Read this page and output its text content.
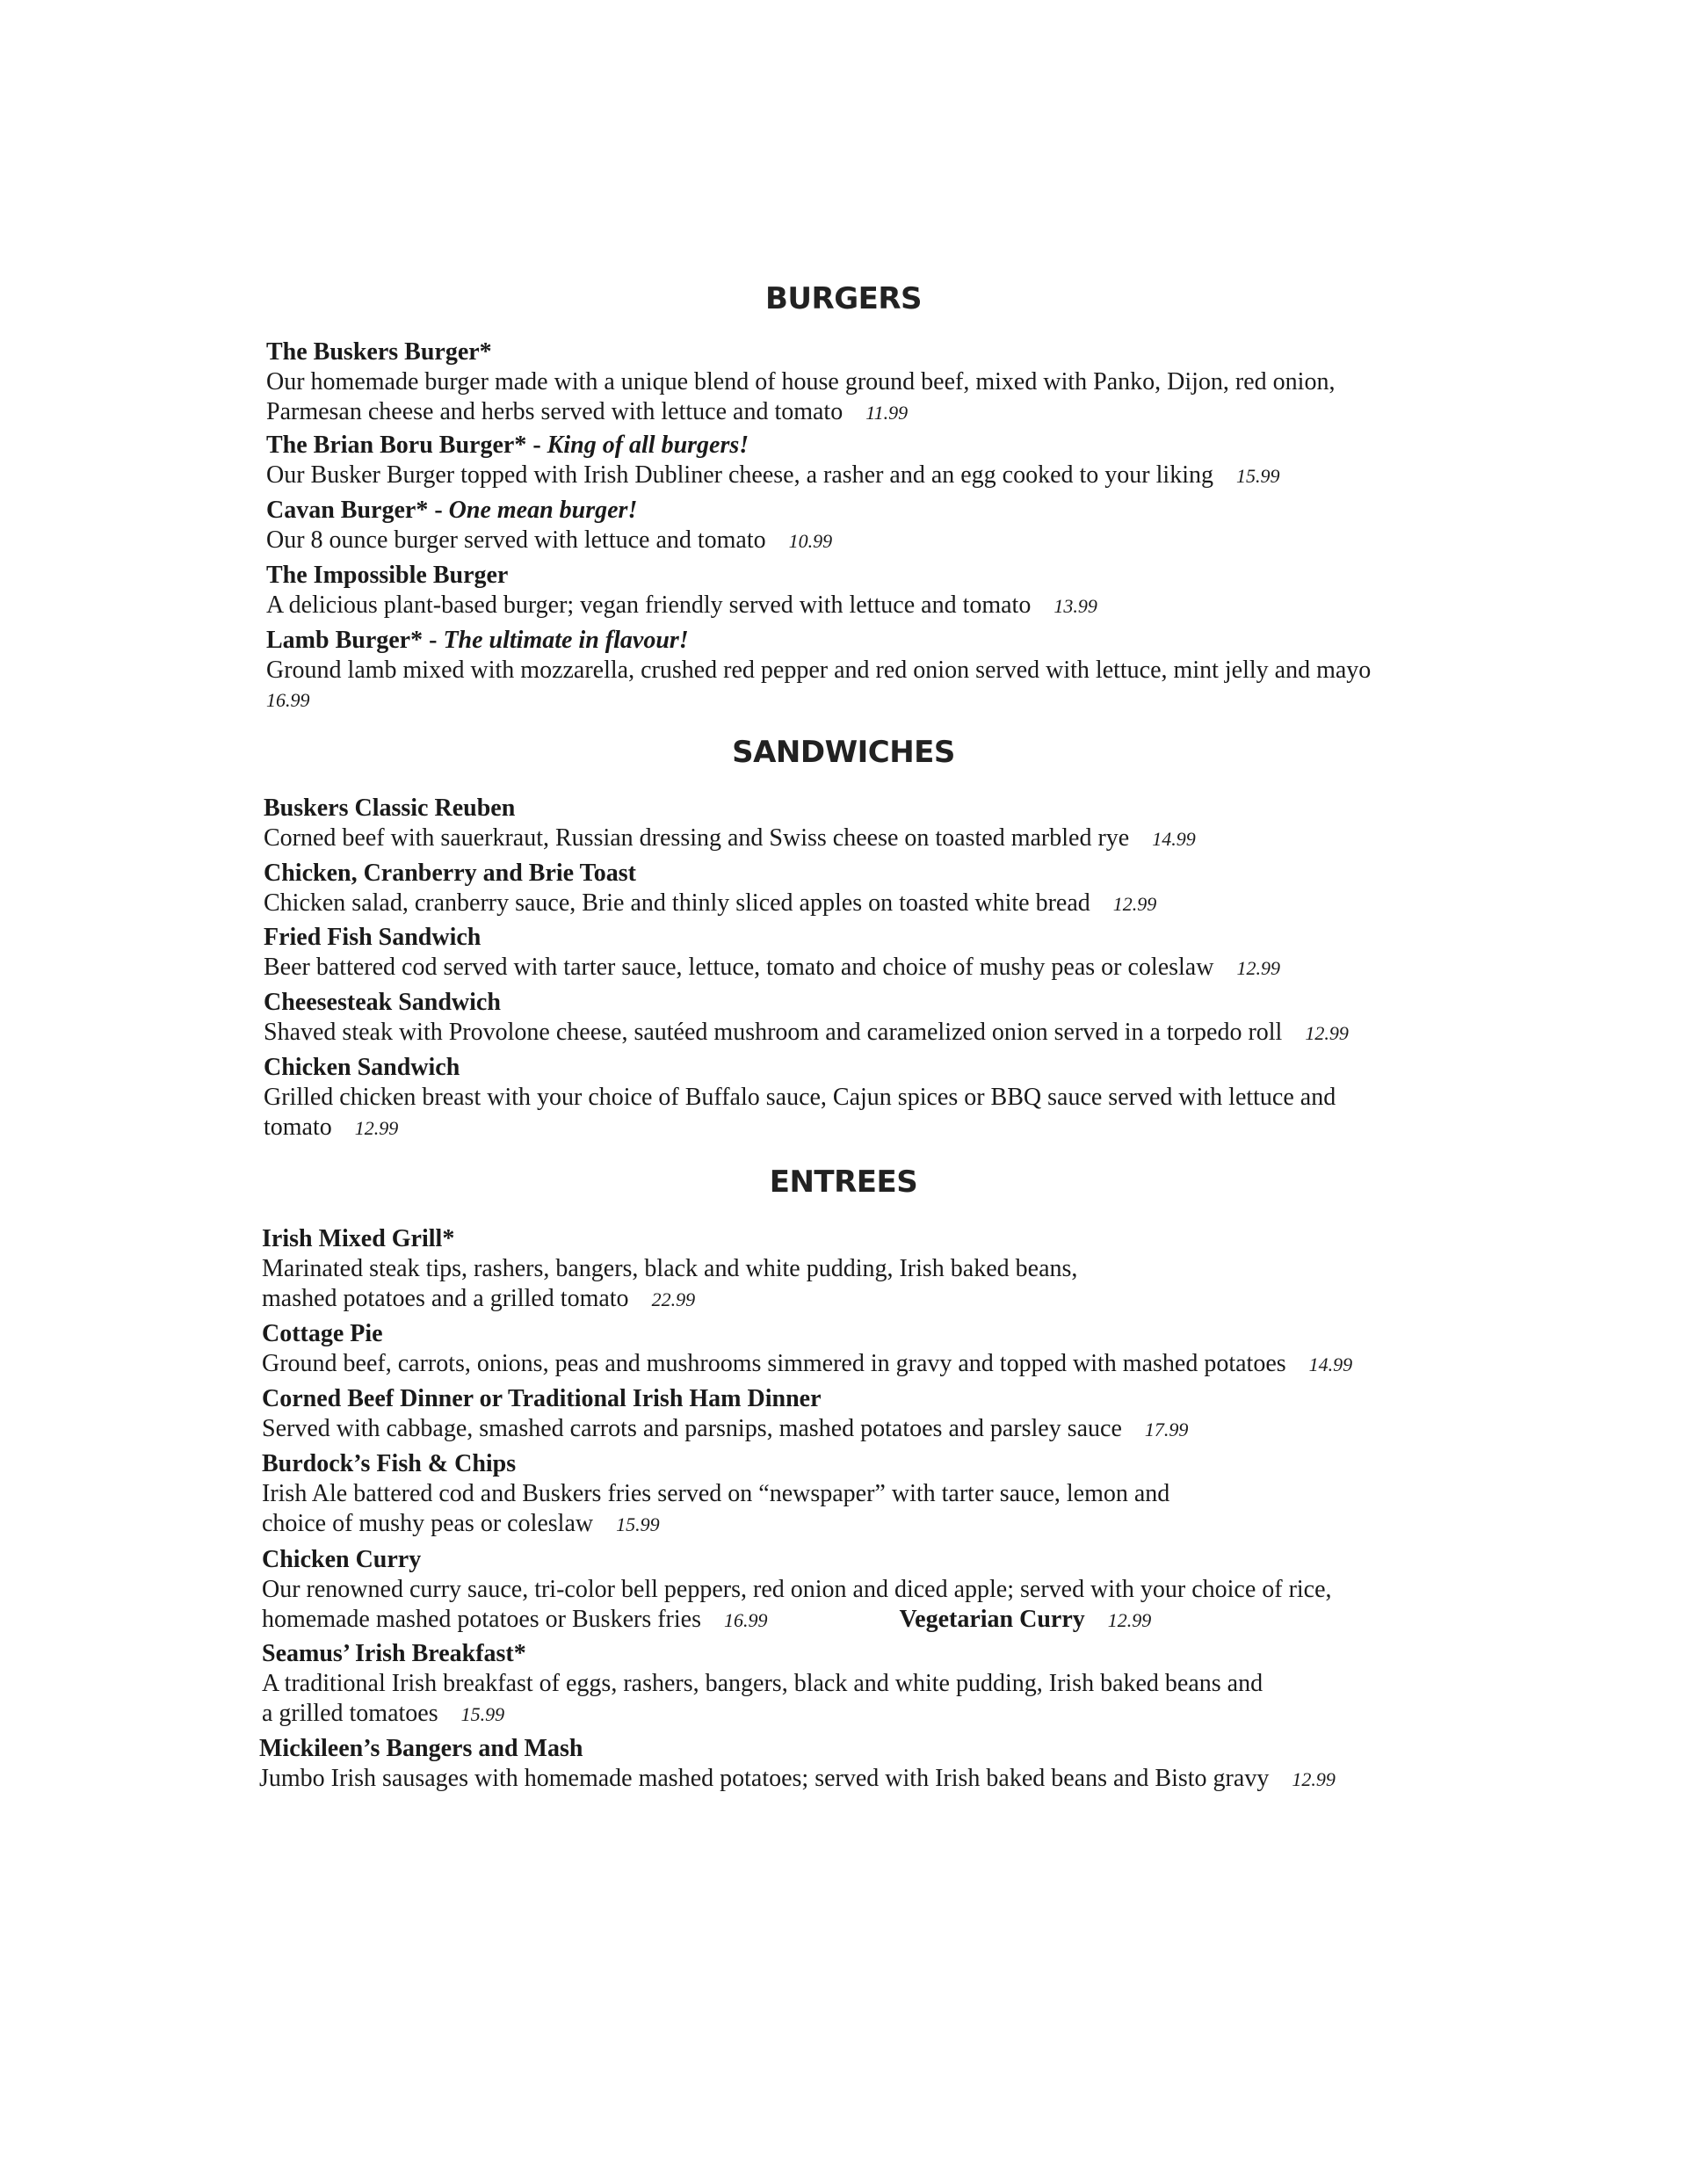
BURGERS
The Buskers Burger*
Our homemade burger made with a unique blend of house ground beef, mixed with Panko, Dijon, red onion,
Parmesan cheese and herbs served with lettuce and tomato 11.99
The Brian Boru Burger* - King of all burgers!
Our Busker Burger topped with Irish Dubliner cheese, a rasher and an egg cooked to your liking 15.99
Cavan Burger* - One mean burger!
Our 8 ounce burger served with lettuce and tomato 10.99
The Impossible Burger
A delicious plant-based burger; vegan friendly served with lettuce and tomato 13.99
Lamb Burger* - The ultimate in flavour!
Ground lamb mixed with mozzarella, crushed red pepper and red onion served with lettuce, mint jelly and mayo
16.99
SANDWICHES
Buskers Classic Reuben
Corned beef with sauerkraut, Russian dressing and Swiss cheese on toasted marbled rye 14.99
Chicken, Cranberry and Brie Toast
Chicken salad, cranberry sauce, Brie and thinly sliced apples on toasted white bread 12.99
Fried Fish Sandwich
Beer battered cod served with tarter sauce, lettuce, tomato and choice of mushy peas or coleslaw 12.99
Cheesesteak Sandwich
Shaved steak with Provolone cheese, sautéed mushroom and caramelized onion served in a torpedo roll 12.99
Chicken Sandwich
Grilled chicken breast with your choice of Buffalo sauce, Cajun spices or BBQ sauce served with lettuce and
tomato 12.99
ENTREES
Irish Mixed Grill*
Marinated steak tips, rashers, bangers, black and white pudding, Irish baked beans,
mashed potatoes and a grilled tomato 22.99
Cottage Pie
Ground beef, carrots, onions, peas and mushrooms simmered in gravy and topped with mashed potatoes 14.99
Corned Beef Dinner or Traditional Irish Ham Dinner
Served with cabbage, smashed carrots and parsnips, mashed potatoes and parsley sauce 17.99
Burdock’s Fish & Chips
Irish Ale battered cod and Buskers fries served on “newspaper” with tarter sauce, lemon and
choice of mushy peas or coleslaw 15.99
Chicken Curry
Our renowned curry sauce, tri-color bell peppers, red onion and diced apple; served with your choice of rice,
homemade mashed potatoes or Buskers fries 16.99	Vegetarian Curry 12.99
Seamus’ Irish Breakfast*
A traditional Irish breakfast of eggs, rashers, bangers, black and white pudding, Irish baked beans and
a grilled tomatoes 15.99
Mickileen’s Bangers and Mash
Jumbo Irish sausages with homemade mashed potatoes; served with Irish baked beans and Bisto gravy 12.99
